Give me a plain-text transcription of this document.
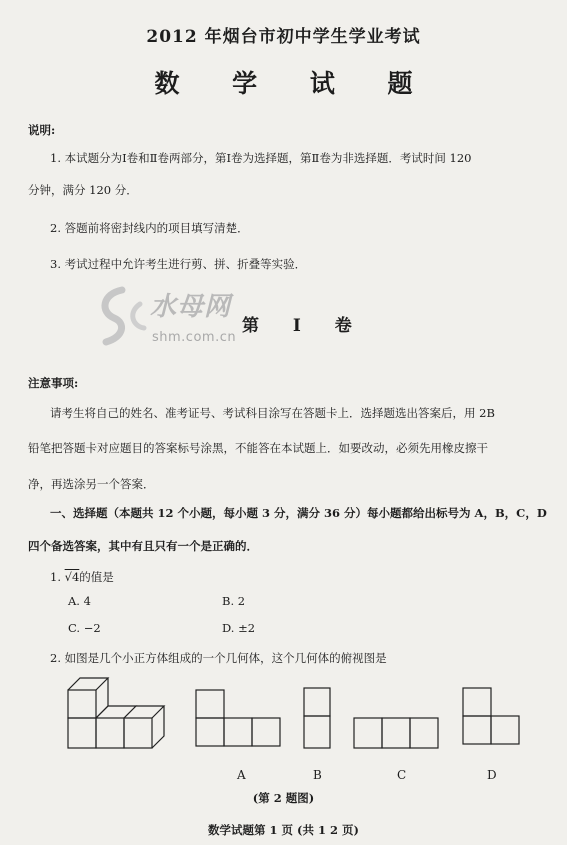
2012 年烟台市初中学生学业考试
数 学 试 题
说明:
1. 本试题分为Ⅰ卷和Ⅱ卷两部分，第Ⅰ卷为选择题，第Ⅱ卷为非选择题．考试时间 120
分钟，满分 120 分．
2. 答题前将密封线内的项目填写清楚．
3. 考试过程中允许考生进行剪、拼、折叠等实验．
水母网
shm.com.cn
第 Ⅰ 卷
注意事项:
请考生将自己的姓名、准考证号、考试科目涂写在答题卡上．选择题选出答案后，用 2B
铅笔把答题卡对应题目的答案标号涂黑，不能答在本试题上．如要改动，必须先用橡皮擦干
净，再选涂另一个答案．
一、选择题（本题共 12 个小题，每小题 3 分，满分 36 分）每小题都给出标号为 A，B，C，D
四个备选答案，其中有且只有一个是正确的．
1. √4的值是
A. 4	B. 2
C. −2	D. ±2
2. 如图是几个小正方体组成的一个几何体，这个几何体的俯视图是
A	B	C	D
(第 2 题图)
数学试题第 1 页 (共 1 2 页)
